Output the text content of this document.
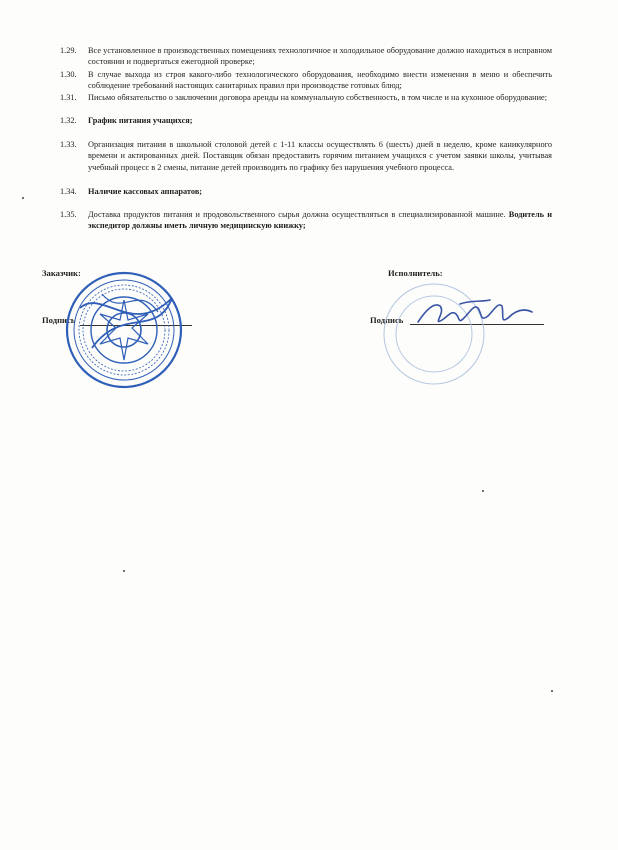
1.29. Все установленное в производственных помещениях технологичное и холодильное оборудование должно находиться в исправном состоянии и подвергаться ежегодной проверке;
1.30. В случае выхода из строя какого-либо технологического оборудования, необходимо внести изменения в меню и обеспечить соблюдение требований настоящих санитарных правил при производстве готовых блюд;
1.31. Письмо обязательство о заключении договора аренды на коммунальную собственность, в том числе и на кухонное оборудование;
1.32. График питания учащихся;
1.33. Организация питания в школьной столовой детей с 1-11 классы осуществлять 6 (шесть) дней в неделю, кроме каникулярного времени и актированных дней. Поставщик обязан предоставить горячим питанием учащихся с учетом заявки школы, учитывая учебный процесс в 2 смены, питание детей производить по графику без нарушения учебного процесса.
1.34. Наличие кассовых аппаратов;
1.35. Доставка продуктов питания и продовольственного сырья должна осуществляться в специализированной машине. Водитель и экспедитор должны иметь личную медицинскую книжку;
Заказчик:
Подпись
Исполнитель:
Подпись
